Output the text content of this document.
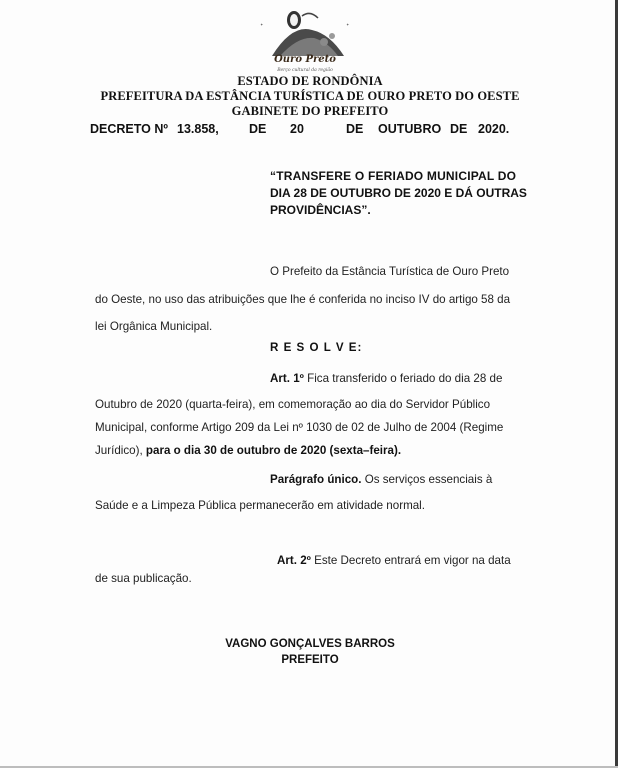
✦	✦
Ouro Preto
Berço cultural da região
ESTADO DE RONDÔNIA
PREFEITURA DA ESTÂNCIA TURÍSTICA DE OURO PRETO DO OESTE
GABINETE DO PREFEITO
DECRETO Nº 13.858, DE 20	DE OUTUBRO DE 2020.
“TRANSFERE O FERIADO MUNICIPAL DO
DIA 28 DE OUTUBRO DE 2020 E DÁ OUTRAS
PROVIDÊNCIAS”.
O Prefeito da Estância Turística de Ouro Preto
do Oeste, no uso das atribuições que lhe é conferida no inciso IV do artigo 58 da
lei Orgânica Municipal.
R E S O L V E:
Art. 1º Fica transferido o feriado do dia 28 de
Outubro de 2020 (quarta-feira), em comemoração ao dia do Servidor Público
Municipal, conforme Artigo 209 da Lei nº 1030 de 02 de Julho de 2004 (Regime
Jurídico), para o dia 30 de outubro de 2020 (sexta–feira).
Parágrafo único. Os serviços essenciais à
Saúde e a Limpeza Pública permanecerão em atividade normal.
Art. 2º Este Decreto entrará em vigor na data
de sua publicação.
VAGNO GONÇALVES BARROS
PREFEITO
